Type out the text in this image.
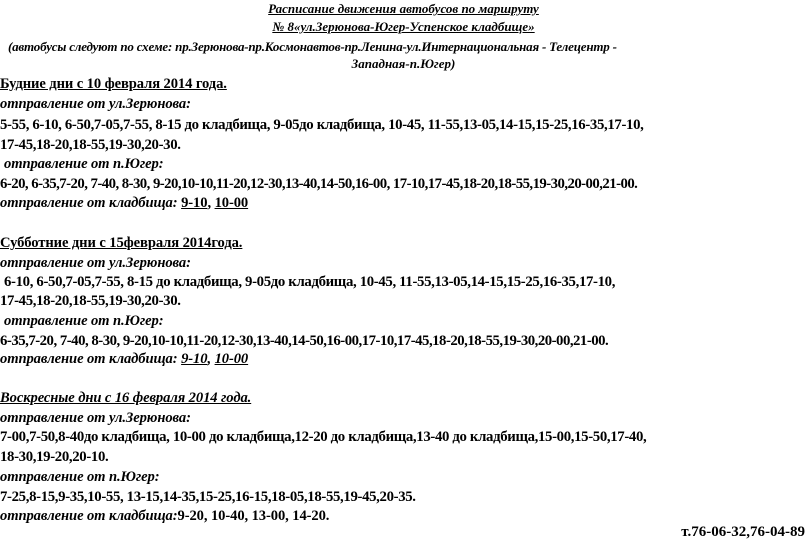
Расписание движения автобусов по маршруту
№ 8«ул.Зерюнова-Югер-Успенское кладбище»
(автобусы следуют по схеме: пр.Зерюнова-пр.Космонавтов-пр.Ленина-ул.Интернациональная - Телецентр -
Западная-п.Югер)
Будние дни с 10 февраля 2014 года.
отправление от ул.Зерюнова:
5-55, 6-10, 6-50,7-05,7-55, 8-15 до кладбища, 9-05до кладбища, 10-45, 11-55,13-05,14-15,15-25,16-35,17-10,
17-45,18-20,18-55,19-30,20-30.
отправление от п.Югер:
6-20, 6-35,7-20, 7-40, 8-30, 9-20,10-10,11-20,12-30,13-40,14-50,16-00, 17-10,17-45,18-20,18-55,19-30,20-00,21-00.
отправление от кладбища: 9-10, 10-00
Субботние дни с 15февраля 2014года.
отправление от ул.Зерюнова:
6-10, 6-50,7-05,7-55, 8-15 до кладбища, 9-05до кладбища, 10-45, 11-55,13-05,14-15,15-25,16-35,17-10,
17-45,18-20,18-55,19-30,20-30.
отправление от п.Югер:
6-35,7-20, 7-40, 8-30, 9-20,10-10,11-20,12-30,13-40,14-50,16-00,17-10,17-45,18-20,18-55,19-30,20-00,21-00.
отправление от кладбища: 9-10, 10-00
Воскресные дни с 16 февраля 2014 года.
отправление от ул.Зерюнова:
7-00,7-50,8-40до кладбища, 10-00 до кладбища,12-20 до кладбища,13-40 до кладбища,15-00,15-50,17-40,
18-30,19-20,20-10.
отправление от п.Югер:
7-25,8-15,9-35,10-55, 13-15,14-35,15-25,16-15,18-05,18-55,19-45,20-35.
отправление от кладбища:9-20, 10-40, 13-00, 14-20.
т.76-06-32,76-04-89
